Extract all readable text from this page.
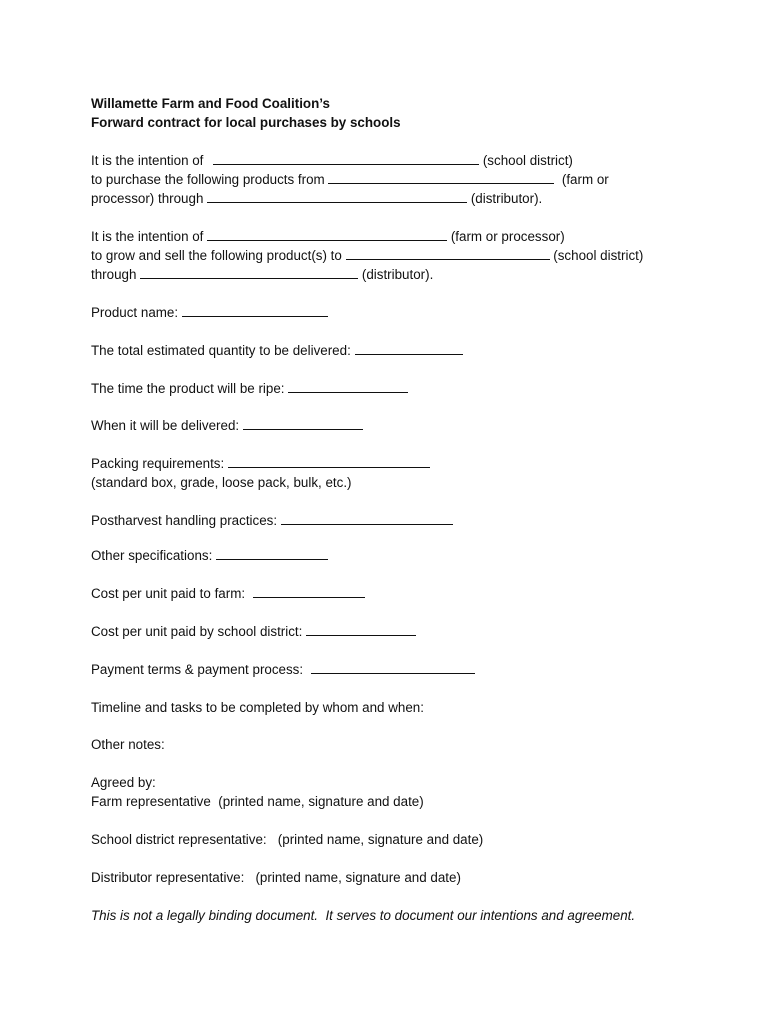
Willamette Farm and Food Coalition’s
Forward contract for local purchases by schools
It is the intention of	(school district)
to purchase the following products from	(farm or
processor) through	(distributor).
It is the intention of	(farm or processor)
to grow and sell the following product(s) to	(school district)
through	(distributor).
Product name:
The total estimated quantity to be delivered:
The time the product will be ripe:
When it will be delivered:
Packing requirements:
(standard box, grade, loose pack, bulk, etc.)
Postharvest handling practices:
Other specifications:
Cost per unit paid to farm:
Cost per unit paid by school district:
Payment terms & payment process:
Timeline and tasks to be completed by whom and when:
Other notes:
Agreed by:
Farm representative  (printed name, signature and date)
School district representative:   (printed name, signature and date)
Distributor representative:   (printed name, signature and date)
This is not a legally binding document.  It serves to document our intentions and agreement.
